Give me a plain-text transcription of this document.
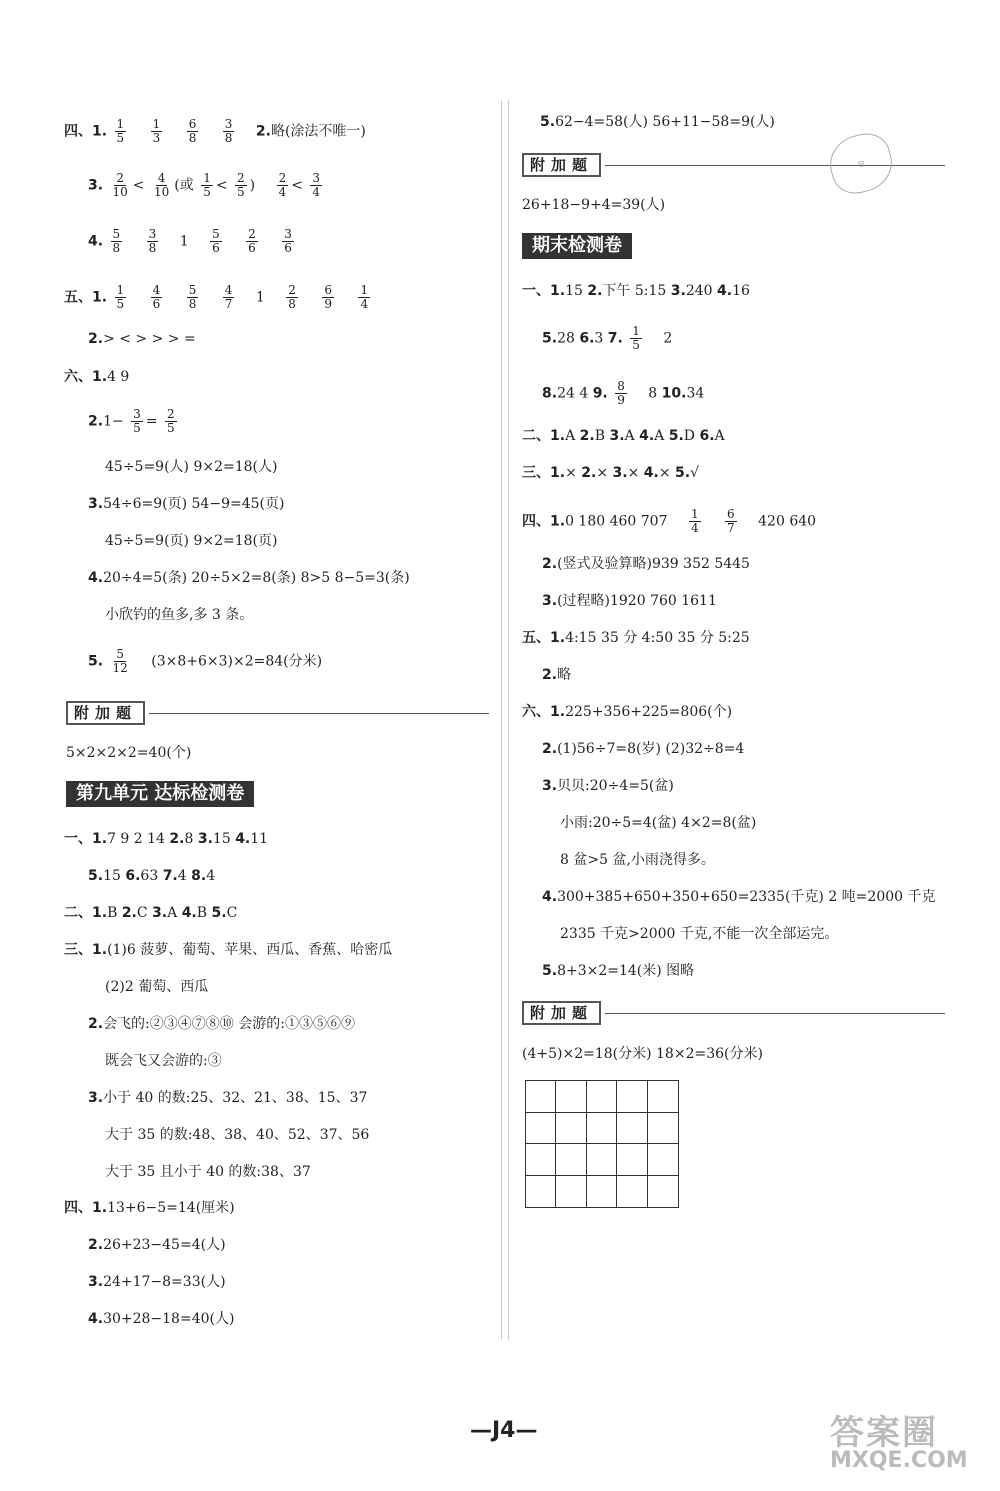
四、1. $\frac{1}{5}$
$\frac{1}{3}$
$\frac{6}{8}$
$\frac{3}{8} 2$.略(涂法不唯一)
3. $\frac{2}{10} < \frac{4}{10}$ (或 $\frac{1}{5} < \frac{2}{5}$ ) $\frac{2}{4} < \frac{3}{4}$
4. $\frac{5}{8}$
$\frac{3}{8} 1 \frac{5}{6}$
$\frac{2}{6}$
$\frac{3}{6}$
五、1. $\frac{1}{5}$
$\frac{4}{6}$
$\frac{5}{8}$
$\frac{4}{7} 1 \frac{2}{8}$
$\frac{6}{9}$
$\frac{1}{4}$
2.> < > > > =
六、1.4 9
$2.1- \frac{3}{5} = \frac{2}{5}$
45÷5=9(人) 9×2=18(人)
3.54÷6=9(页) 54−9=45(页)
45÷5=9(页) 9×2=18(页)
4.20÷4=5(条) 20÷5×2=8(条) 8>5 8−5=3(条)
小欣钓的鱼多,多 3 条。
5. $\frac{5}{12} (3\times 8+6\times 3)\times 2=84$(分米)
附加题
5×2×2×2=40(个)
第九单元 达标检测卷
一、1.7 9 2 14 2.8 3.15 4.11
5.15 6.63 7.4 8.4
二、1.B 2.C 3.A 4.B 5.C
三、1.(1)6 菠萝、葡萄、苹果、西瓜、香蕉、哈密瓜
(2)2 葡萄、西瓜
2.会飞的:②③④⑦⑧⑩ 会游的:①③⑤⑥⑨
既会飞又会游的:③
3.小于 40 的数:25、32、21、38、15、37
大于 35 的数:48、38、40、52、37、56
大于 35 且小于 40 的数:38、37
四、1.13+6−5=14(厘米)
2.26+23−45=4(人)
3.24+17−8=33(人)
4.30+28−18=40(人)
5.62−4=58(人) 56+11−58=9(人)
附加题	◎
26+18−9+4=39(人)
期末检测卷
一、1.15 2.下午 5:15 3.240 4.16
5.28 6.3 7. $\frac{1}{5} 2$
8.24 4 9. $\frac{8}{9} 8$ 10.34
二、1.A 2.B 3.A 4.A 5.D 6.A
三、1.× 2.× 3.× 4.× 5.√
四、1.0 180 460 $707 \frac{1}{4}$
$\frac{6}{7} 420$ 640
2.(竖式及验算略)939 352 5445
3.(过程略)1920 760 1611
五、1.4:15 35 分 4:50 35 分 5:25
2.略
六、1.225+356+225=806(个)
2.(1)56÷7=8(岁) (2)32÷8=4
3.贝贝:20÷4=5(盆)
小雨:20÷5=4(盆) 4×2=8(盆)
8 盆>5 盆,小雨浇得多。
4.300+385+650+350+650=2335(千克) 2 吨=2000 千克
2335 千克>2000 千克,不能一次全部运完。
5.8+3×2=14(米) 图略
附加题
(4+5)×2=18(分米) 18×2=36(分米)
—J4—	答案圈
MXQE.COM
